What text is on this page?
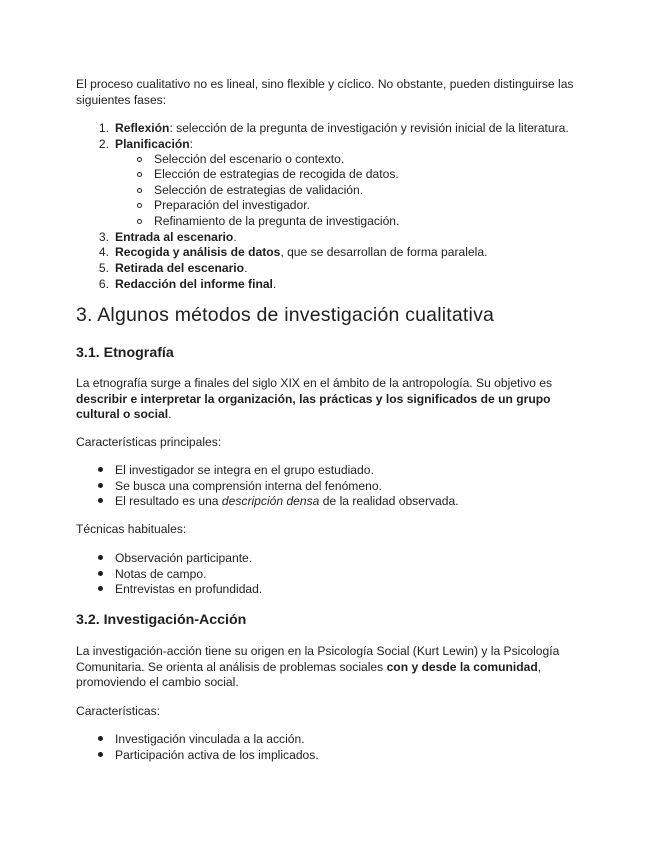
El proceso cualitativo no es lineal, sino flexible y cíclico. No obstante, pueden distinguirse las
siguientes fases:
1. Reflexión: selección de la pregunta de investigación y revisión inicial de la literatura.
2. Planificación:
Selección del escenario o contexto.
Elección de estrategias de recogida de datos.
Selección de estrategias de validación.
Preparación del investigador.
Refinamiento de la pregunta de investigación.
3. Entrada al escenario.
4. Recogida y análisis de datos, que se desarrollan de forma paralela.
5. Retirada del escenario.
6. Redacción del informe final.
3. Algunos métodos de investigación cualitativa
3.1. Etnografía
La etnografía surge a finales del siglo XIX en el ámbito de la antropología. Su objetivo es
describir e interpretar la organización, las prácticas y los significados de un grupo
cultural o social.
Características principales:
El investigador se integra en el grupo estudiado.
Se busca una comprensión interna del fenómeno.
El resultado es una descripción densa de la realidad observada.
Técnicas habituales:
Observación participante.
Notas de campo.
Entrevistas en profundidad.
3.2. Investigación-Acción
La investigación-acción tiene su origen en la Psicología Social (Kurt Lewin) y la Psicología
Comunitaria. Se orienta al análisis de problemas sociales con y desde la comunidad,
promoviendo el cambio social.
Características:
Investigación vinculada a la acción.
Participación activa de los implicados.
